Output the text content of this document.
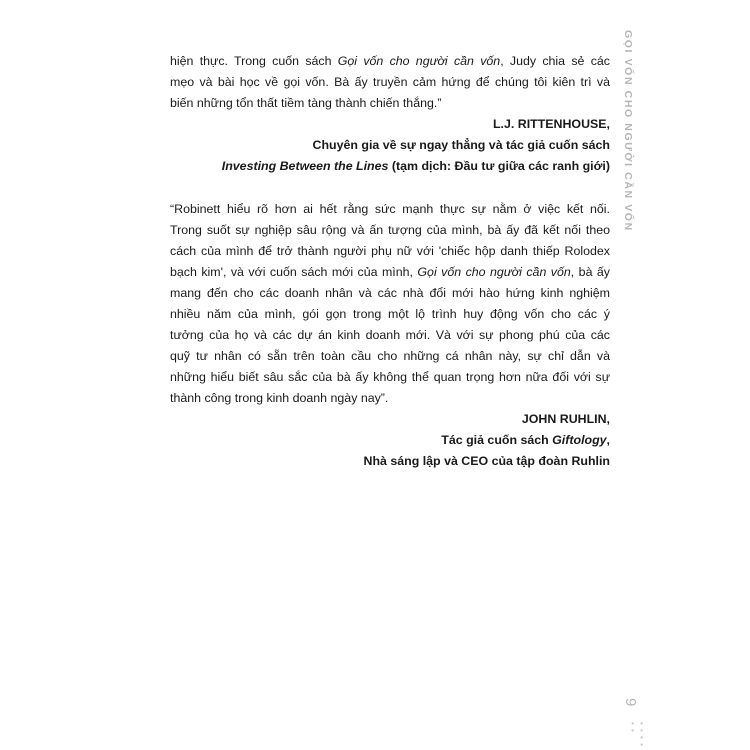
hiện thực. Trong cuốn sách Gọi vốn cho người cần vốn, Judy chia sẻ các
mẹo và bài học về gọi vốn. Bà ấy truyền cảm hứng để chúng tôi kiên trì và
biến những tổn thất tiềm tàng thành chiến thắng.”
L.J. RITTENHOUSE,
Chuyên gia về sự ngay thẳng và tác giả cuốn sách
Investing Between the Lines (tạm dịch: Đầu tư giữa các ranh giới)
“Robinett hiểu rõ hơn ai hết rằng sức mạnh thực sự nằm ở việc kết nối.
Trong suốt sự nghiệp sâu rộng và ấn tượng của mình, bà ấy đã kết nối theo
cách của mình để trở thành người phụ nữ với 'chiếc hộp danh thiếp Rolodex
bạch kim', và với cuốn sách mới của mình, Gọi vốn cho người cần vốn, bà ấy
mang đến cho các doanh nhân và các nhà đổi mới hào hứng kinh nghiệm
nhiều năm của mình, gói gọn trong một lộ trình huy động vốn cho các ý
tưởng của họ và các dự án kinh doanh mới. Và với sự phong phú của các
quỹ tư nhân có sẵn trên toàn cầu cho những cá nhân này, sự chỉ dẫn và
những hiểu biết sâu sắc của bà ấy không thể quan trọng hơn nữa đối với sự
thành công trong kinh doanh ngày nay”.
JOHN RUHLIN,
Tác giả cuốn sách Giftology,
Nhà sáng lập và CEO của tập đoàn Ruhlin
GỌI VỐN CHO NGƯỜI CẦN VỐN
9
• • • • • •
